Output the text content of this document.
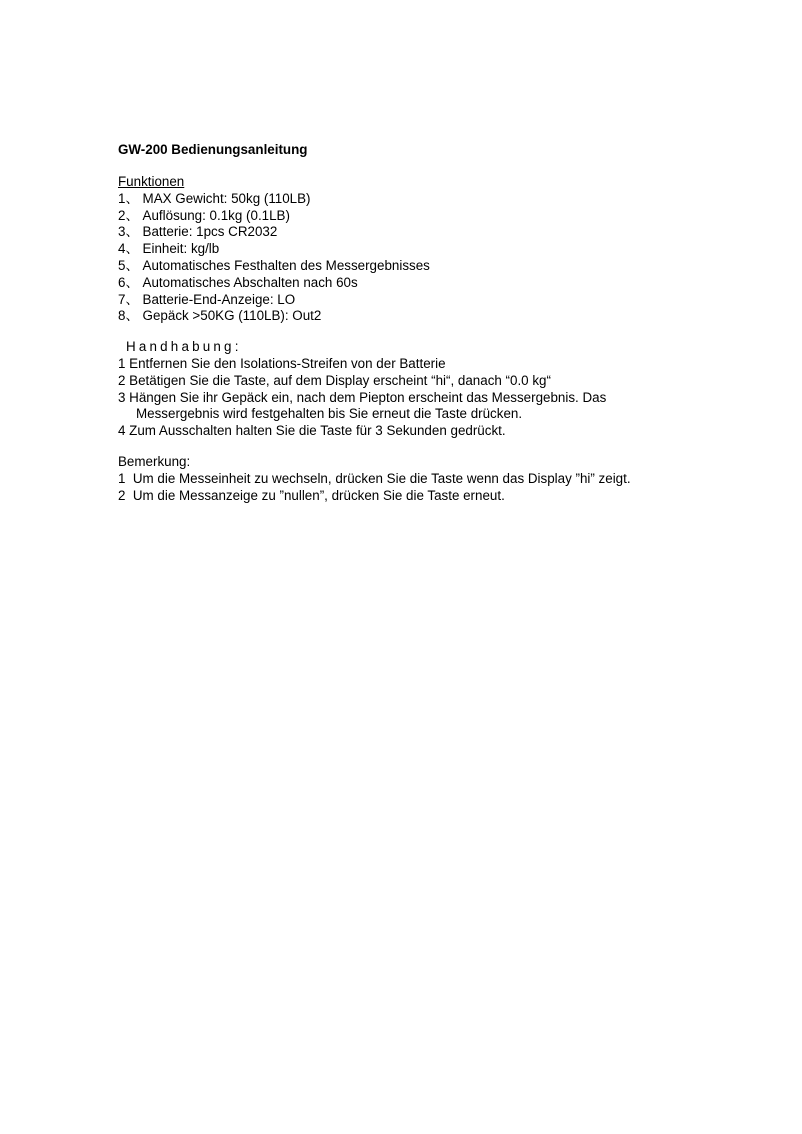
GW-200 Bedienungsanleitung
Funktionen
1、 MAX Gewicht: 50kg (110LB)
2、 Auflösung: 0.1kg (0.1LB)
3、 Batterie: 1pcs CR2032
4、 Einheit: kg/lb
5、 Automatisches Festhalten des Messergebnisses
6、 Automatisches Abschalten nach 60s
7、 Batterie-End-Anzeige: LO
8、 Gepäck >50KG (110LB): Out2
Handhabung:
1 Entfernen Sie den Isolations-Streifen von der Batterie
2 Betätigen Sie die Taste, auf dem Display erscheint “hi“, danach “0.0 kg“
3 Hängen Sie ihr Gepäck ein, nach dem Piepton erscheint das Messergebnis. Das
Messergebnis wird festgehalten bis Sie erneut die Taste drücken.
4 Zum Ausschalten halten Sie die Taste für 3 Sekunden gedrückt.
Bemerkung:
1  Um die Messeinheit zu wechseln, drücken Sie die Taste wenn das Display ”hi” zeigt.
2  Um die Messanzeige zu ”nullen”, drücken Sie die Taste erneut.
